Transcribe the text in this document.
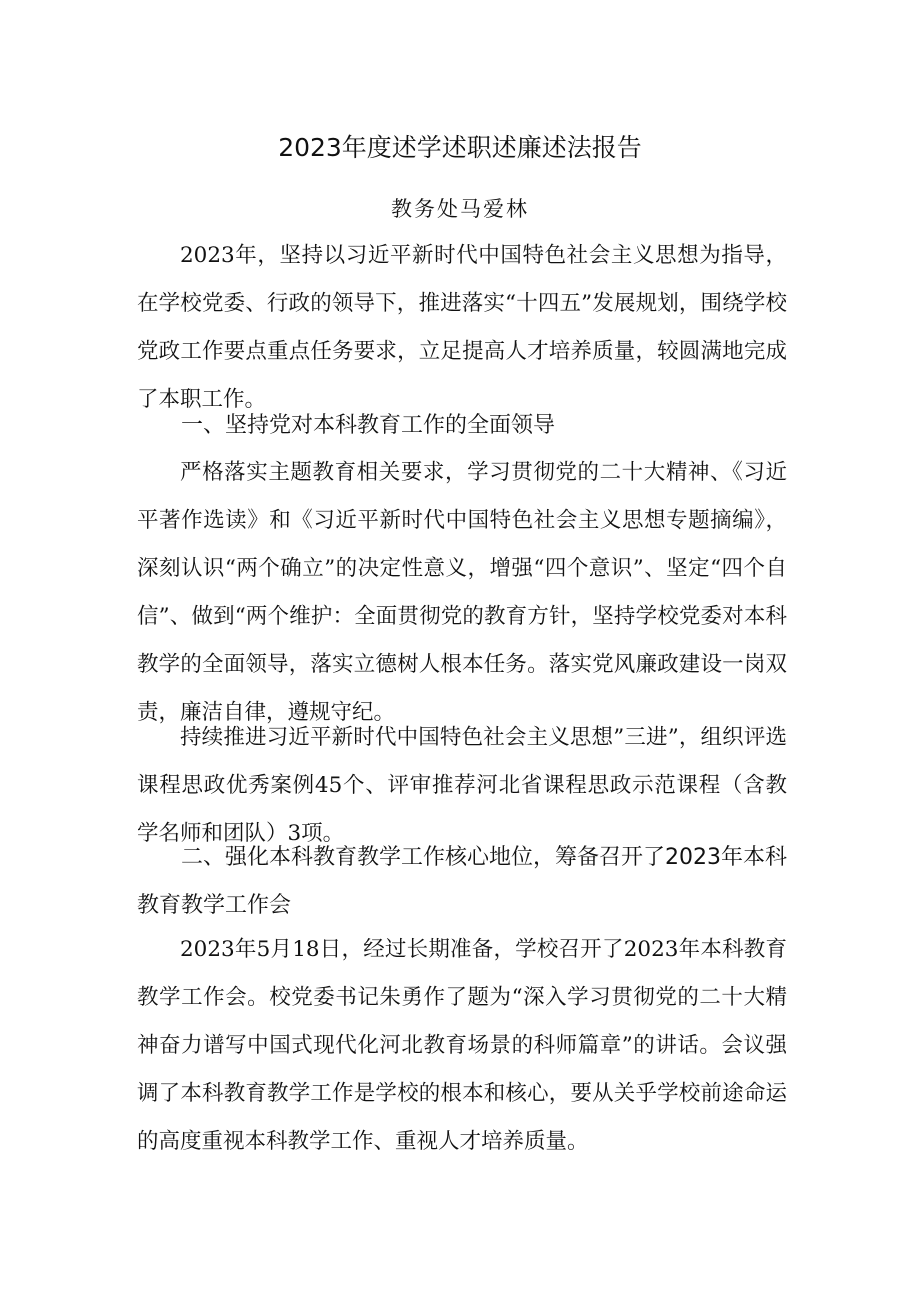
2023年度述学述职述廉述法报告
教务处马爱林

2023年，坚持以习近平新时代中国特色社会主义思想为指导，在学校党委、行政的领导下，推进落实“十四五”发展规划，围绕学校党政工作要点重点任务要求，立足提高人才培养质量，较圆满地完成了本职工作。

一、坚持党对本科教育工作的全面领导

严格落实主题教育相关要求，学习贯彻党的二十大精神、《习近平著作选读》和《习近平新时代中国特色社会主义思想专题摘编》，深刻认识“两个确立”的决定性意义，增强“四个意识”、坚定“四个自信”、做到“两个维护：全面贯彻党的教育方针，坚持学校党委对本科教学的全面领导，落实立德树人根本任务。落实党风廉政建设一岗双责，廉洁自律，遵规守纪。

持续推进习近平新时代中国特色社会主义思想”三进”，组织评选课程思政优秀案例45个、评审推荐河北省课程思政示范课程（含教学名师和团队）3项。

二、强化本科教育教学工作核心地位，筹备召开了2023年本科教育教学工作会

2023年5月18日，经过长期准备，学校召开了2023年本科教育教学工作会。校党委书记朱勇作了题为“深入学习贯彻党的二十大精神奋力谱写中国式现代化河北教育场景的科师篇章”的讲话。会议强调了本科教育教学工作是学校的根本和核心，要从关乎学校前途命运的高度重视本科教学工作、重视人才培养质量。
